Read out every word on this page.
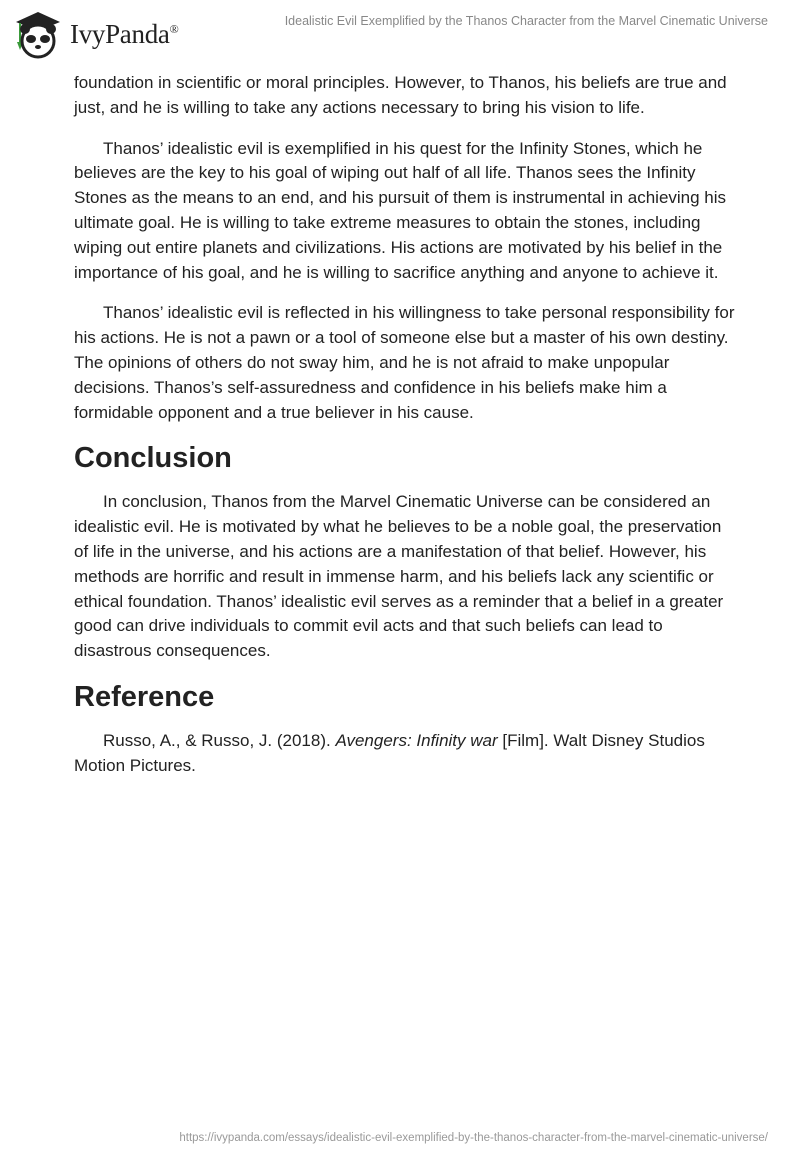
IvyPanda®
Idealistic Evil Exemplified by the Thanos Character from the Marvel Cinematic Universe

foundation in scientific or moral principles. However, to Thanos, his beliefs are true and just, and he is willing to take any actions necessary to bring his vision to life.

Thanos’ idealistic evil is exemplified in his quest for the Infinity Stones, which he believes are the key to his goal of wiping out half of all life. Thanos sees the Infinity Stones as the means to an end, and his pursuit of them is instrumental in achieving his ultimate goal. He is willing to take extreme measures to obtain the stones, including wiping out entire planets and civilizations. His actions are motivated by his belief in the importance of his goal, and he is willing to sacrifice anything and anyone to achieve it.

Thanos’ idealistic evil is reflected in his willingness to take personal responsibility for his actions. He is not a pawn or a tool of someone else but a master of his own destiny. The opinions of others do not sway him, and he is not afraid to make unpopular decisions. Thanos’s self-assuredness and confidence in his beliefs make him a formidable opponent and a true believer in his cause.

Conclusion

In conclusion, Thanos from the Marvel Cinematic Universe can be considered an idealistic evil. He is motivated by what he believes to be a noble goal, the preservation of life in the universe, and his actions are a manifestation of that belief. However, his methods are horrific and result in immense harm, and his beliefs lack any scientific or ethical foundation. Thanos’ idealistic evil serves as a reminder that a belief in a greater good can drive individuals to commit evil acts and that such beliefs can lead to disastrous consequences.

Reference

Russo, A., & Russo, J. (2018). Avengers: Infinity war [Film]. Walt Disney Studios Motion Pictures.

https://ivypanda.com/essays/idealistic-evil-exemplified-by-the-thanos-character-from-the-marvel-cinematic-universe/
